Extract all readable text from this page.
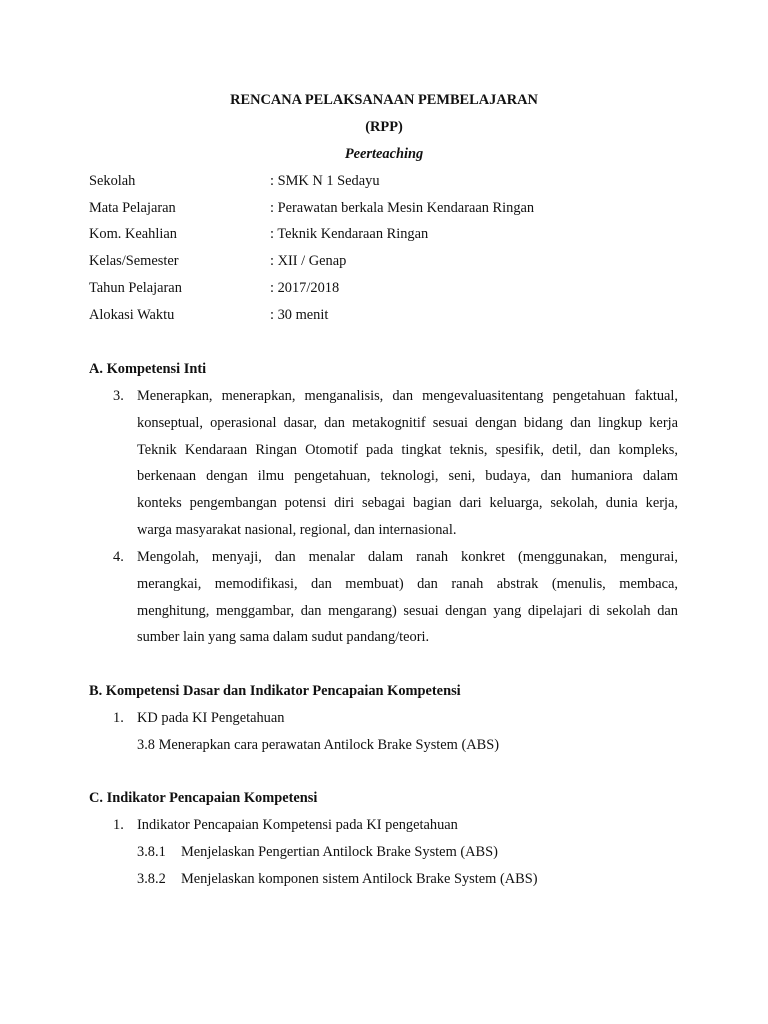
RENCANA PELAKSANAAN PEMBELAJARAN
(RPP)
Peerteaching
Sekolah	: SMK N 1 Sedayu
Mata Pelajaran	: Perawatan berkala Mesin Kendaraan Ringan
Kom. Keahlian	: Teknik Kendaraan Ringan
Kelas/Semester	: XII / Genap
Tahun Pelajaran	: 2017/2018
Alokasi Waktu	: 30 menit
A. Kompetensi Inti
3. Menerapkan, menerapkan, menganalisis, dan mengevaluasitentang pengetahuan faktual,
konseptual, operasional dasar, dan metakognitif sesuai dengan bidang dan lingkup kerja
Teknik Kendaraan Ringan Otomotif pada tingkat teknis, spesifik, detil, dan kompleks,
berkenaan dengan ilmu pengetahuan, teknologi, seni, budaya, dan humaniora dalam
konteks pengembangan potensi diri sebagai bagian dari keluarga, sekolah, dunia kerja,
warga masyarakat nasional, regional, dan internasional.
4. Mengolah, menyaji, dan menalar dalam ranah konkret (menggunakan, mengurai,
merangkai, memodifikasi, dan membuat) dan ranah abstrak (menulis, membaca,
menghitung, menggambar, dan mengarang) sesuai dengan yang dipelajari di sekolah dan
sumber lain yang sama dalam sudut pandang/teori.
B. Kompetensi Dasar dan Indikator Pencapaian Kompetensi
1. KD pada KI Pengetahuan
3.8 Menerapkan cara perawatan Antilock Brake System (ABS)
C. Indikator Pencapaian Kompetensi
1. Indikator Pencapaian Kompetensi pada KI pengetahuan
3.8.1 Menjelaskan Pengertian Antilock Brake System (ABS)
3.8.2 Menjelaskan komponen sistem Antilock Brake System (ABS)
